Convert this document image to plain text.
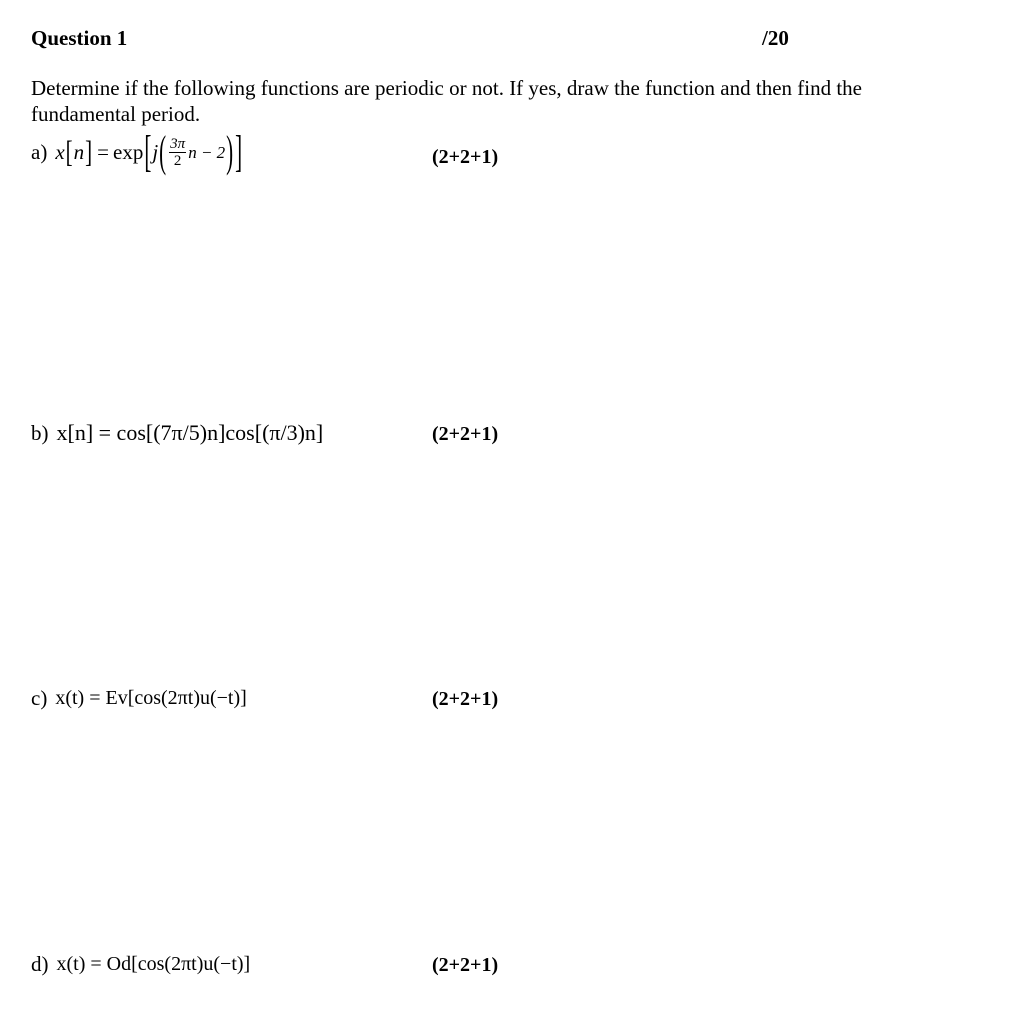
Question 1	/20
Determine if the following functions are periodic or not. If yes, draw the function and then find the fundamental period.
a) x [ n ] = exp [ j ( $\frac{3\pi}{2}$ n − 2 ) ]	(2+2+1)
b) x[n] = cos[(7π/5)n]cos[(π/3)n]	(2+2+1)
c) x(t) = Ev[cos(2πt)u(−t)]	(2+2+1)
d) x(t) = Od[cos(2πt)u(−t)]	(2+2+1)
